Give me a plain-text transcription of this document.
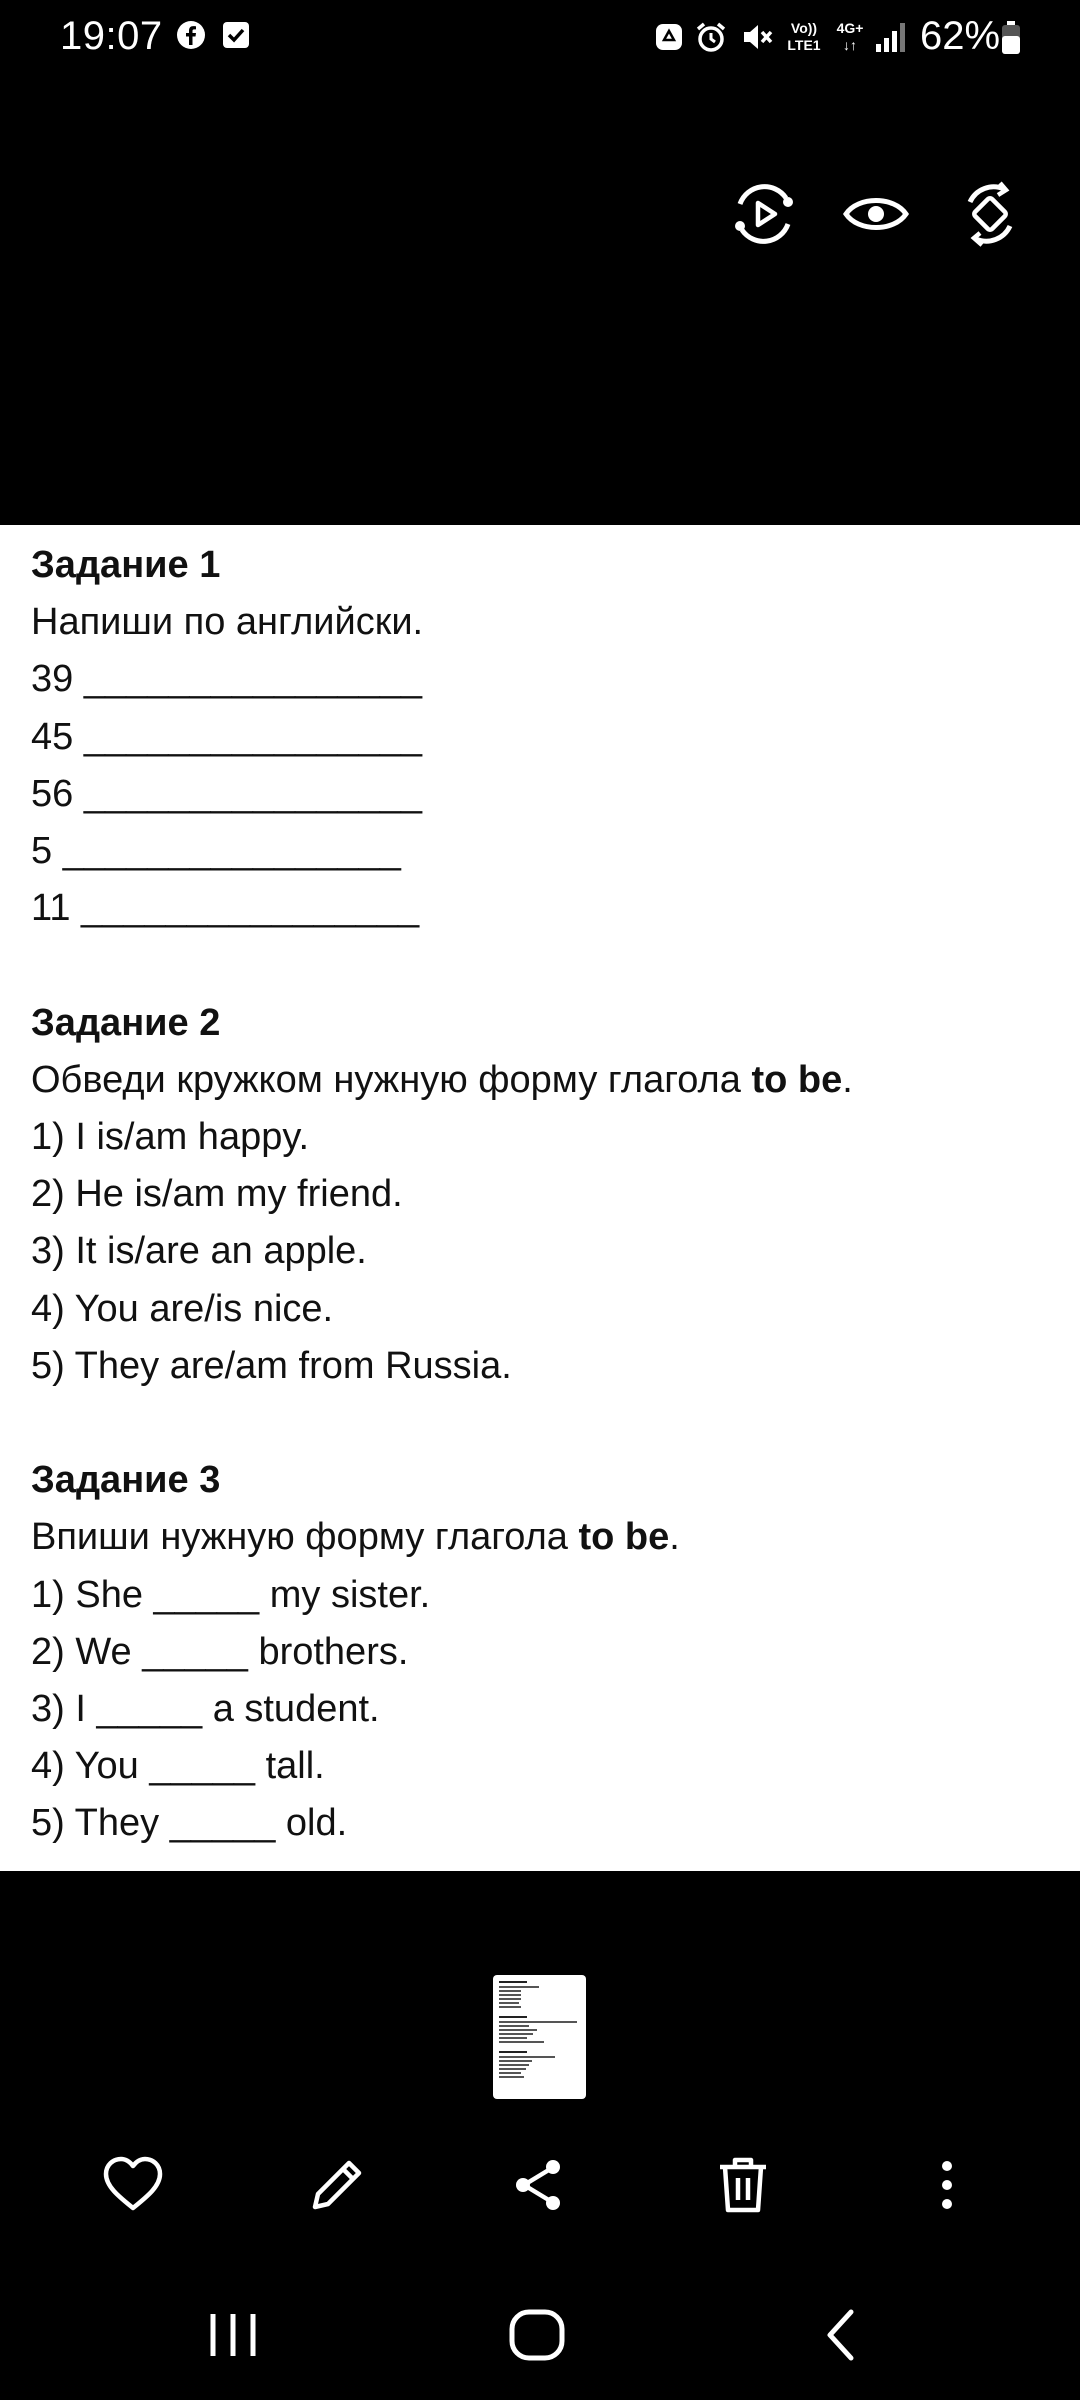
19:07	Vo)) LTE1
4G+
↓↑	62%
Задание 1
Напиши по английски.
39 ________________
45 ________________
56 ________________
5 ________________
11 ________________
Задание 2
Обведи кружком нужную форму глагола to be.
1) I is/am happy.
2) He is/am my friend.
3) It is/are an apple.
4) You are/is nice.
5) They are/am from Russia.
Задание 3
Впиши нужную форму глагола to be.
1) She _____ my sister.
2) We _____ brothers.
3) I _____ a student.
4) You _____ tall.
5) They _____ old.
